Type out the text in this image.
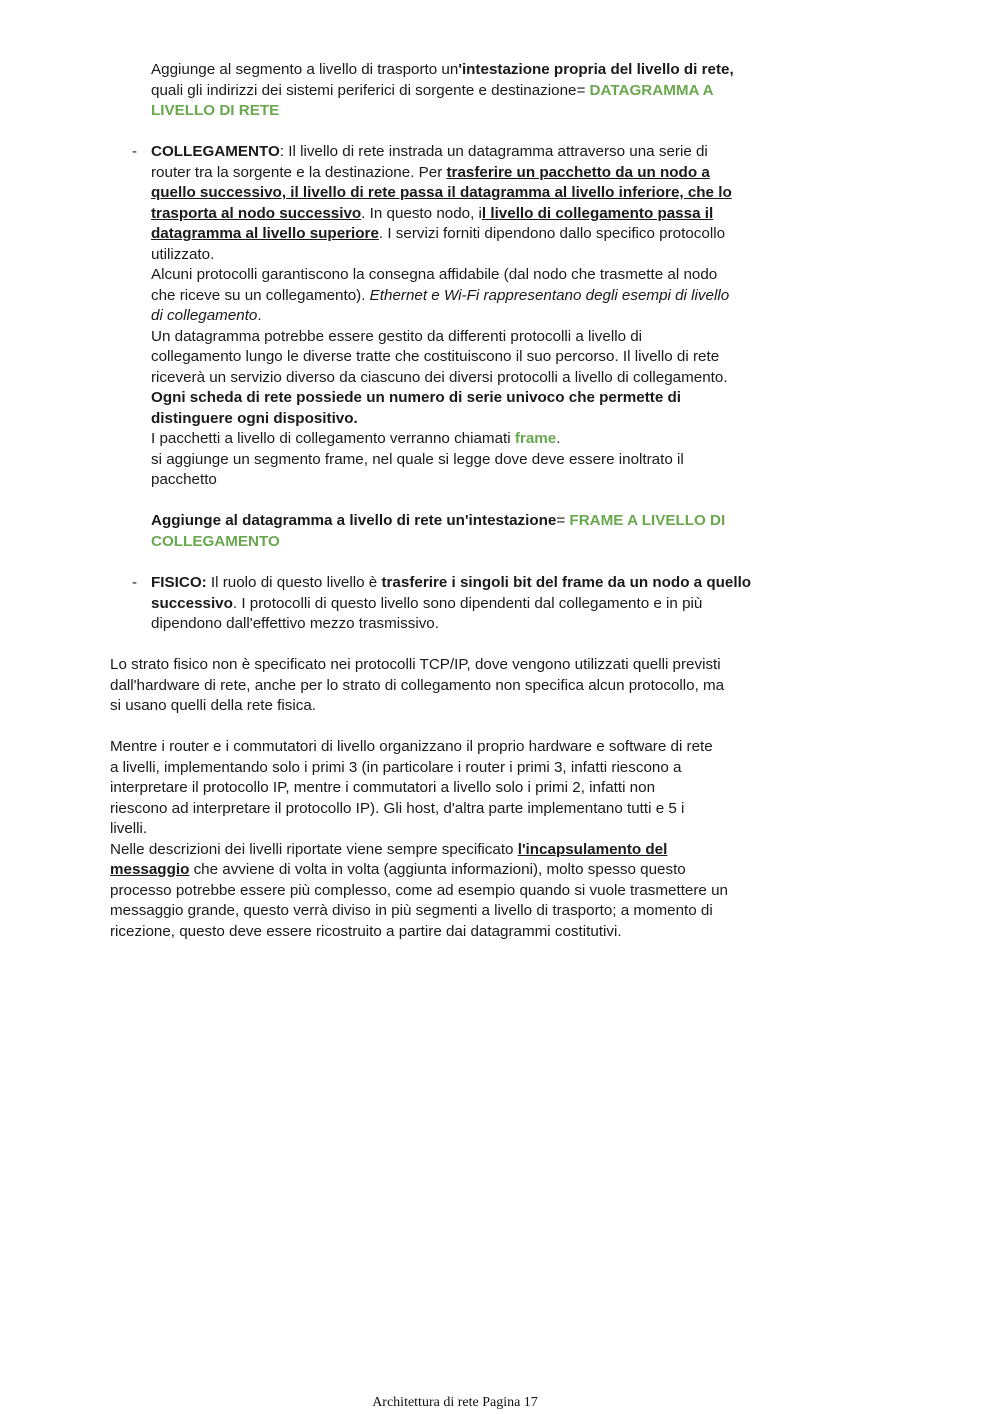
Aggiunge al segmento a livello di trasporto un'intestazione propria del livello di rete,
quali gli indirizzi dei sistemi periferici di sorgente e destinazione= DATAGRAMMA A
LIVELLO DI RETE
- COLLEGAMENTO: Il livello di rete instrada un datagramma attraverso una serie di
router tra la sorgente e la destinazione. Per trasferire un pacchetto da un nodo a
quello successivo, il livello di rete passa il datagramma al livello inferiore, che lo
trasporta al nodo successivo. In questo nodo, il livello di collegamento passa il
datagramma al livello superiore. I servizi forniti dipendono dallo specifico protocollo
utilizzato.
Alcuni protocolli garantiscono la consegna affidabile (dal nodo che trasmette al nodo
che riceve su un collegamento). Ethernet e Wi-Fi rappresentano degli esempi di livello
di collegamento.
Un datagramma potrebbe essere gestito da differenti protocolli a livello di
collegamento lungo le diverse tratte che costituiscono il suo percorso. Il livello di rete
riceverà un servizio diverso da ciascuno dei diversi protocolli a livello di collegamento.
Ogni scheda di rete possiede un numero di serie univoco che permette di
distinguere ogni dispositivo.
I pacchetti a livello di collegamento verranno chiamati frame.
si aggiunge un segmento frame, nel quale si legge dove deve essere inoltrato il
pacchetto
Aggiunge al datagramma a livello di rete un'intestazione= FRAME A LIVELLO DI
COLLEGAMENTO
- FISICO: Il ruolo di questo livello è trasferire i singoli bit del frame da un nodo a quello
successivo. I protocolli di questo livello sono dipendenti dal collegamento e in più
dipendono dall'effettivo mezzo trasmissivo.
Lo strato fisico non è specificato nei protocolli TCP/IP, dove vengono utilizzati quelli previsti
dall'hardware di rete, anche per lo strato di collegamento non specifica alcun protocollo, ma
si usano quelli della rete fisica.
Mentre i router e i commutatori di livello organizzano il proprio hardware e software di rete
a livelli, implementando solo i primi 3 (in particolare i router i primi 3, infatti riescono a
interpretare il protocollo IP, mentre i commutatori a livello solo i primi 2, infatti non
riescono ad interpretare il protocollo IP). Gli host, d'altra parte implementano tutti e 5 i
livelli.
Nelle descrizioni dei livelli riportate viene sempre specificato l'incapsulamento del
messaggio che avviene di volta in volta (aggiunta informazioni), molto spesso questo
processo potrebbe essere più complesso, come ad esempio quando si vuole trasmettere un
messaggio grande, questo verrà diviso in più segmenti a livello di trasporto; a momento di
ricezione, questo deve essere ricostruito a partire dai datagrammi costitutivi.
Architettura di rete Pagina 17
